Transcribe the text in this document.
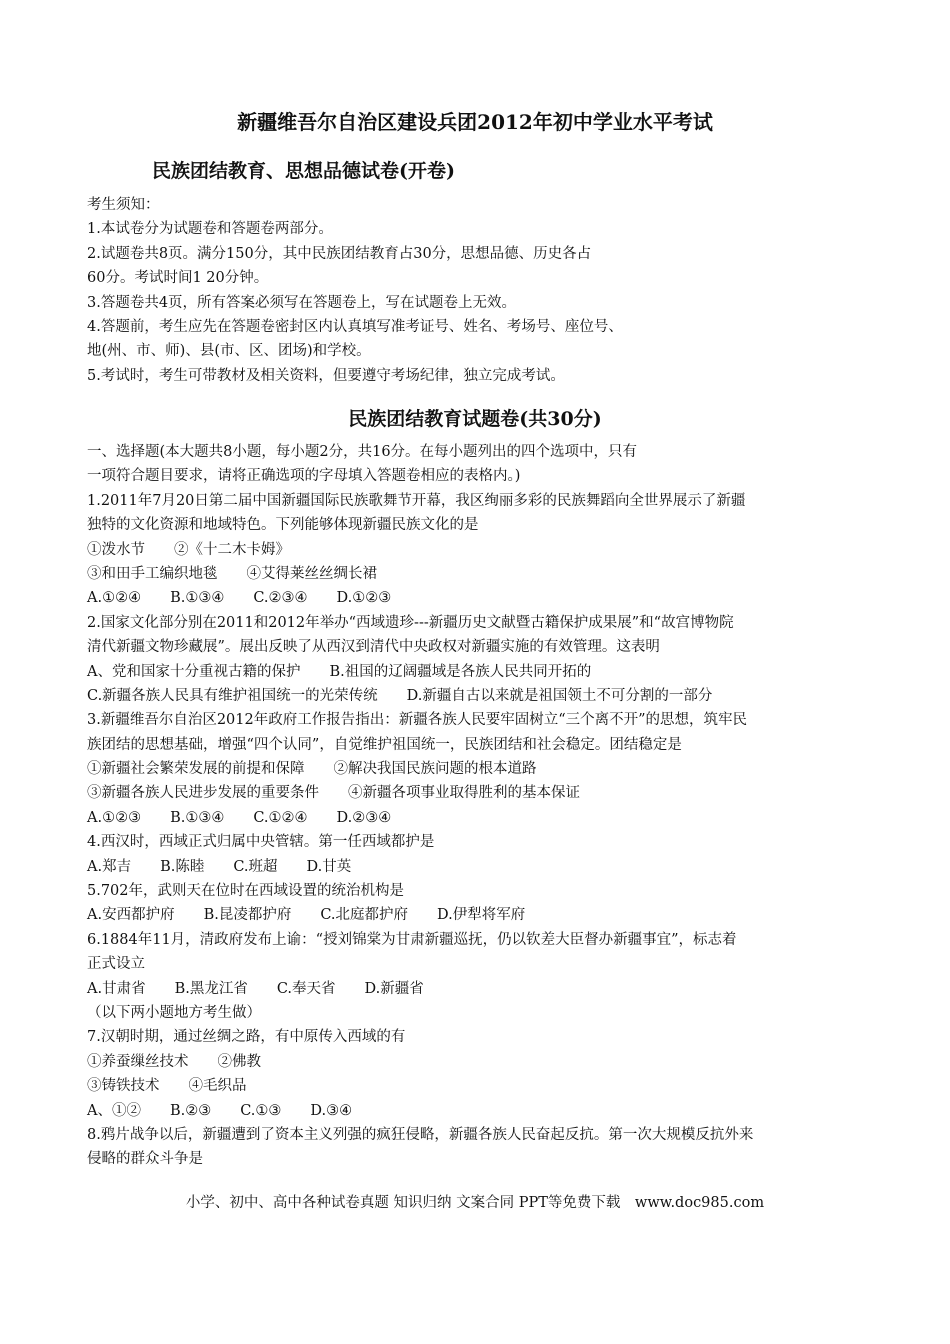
新疆维吾尔自治区建设兵团2012年初中学业水平考试
民族团结教育、思想品德试卷(开卷)
考生须知：
1.本试卷分为试题卷和答题卷两部分。
2.试题卷共8页。满分150分，其中民族团结教育占30分，思想品德、历史各占
60分。考试时间1 20分钟。
3.答题卷共4页，所有答案必须写在答题卷上，写在试题卷上无效。
4.答题前，考生应先在答题卷密封区内认真填写准考证号、姓名、考场号、座位号、
地(州、市、师)、县(市、区、团场)和学校。
5.考试时，考生可带教材及相关资料，但要遵守考场纪律，独立完成考试。
民族团结教育试题卷(共30分)
一、选择题(本大题共8小题，每小题2分，共16分。在每小题列出的四个选项中，只有
一项符合题目要求，请将正确选项的字母填入答题卷相应的表格内。)
1.2011年7月20日第二届中国新疆国际民族歌舞节开幕，我区绚丽多彩的民族舞蹈向全世界展示了新疆
独特的文化资源和地域特色。下列能够体现新疆民族文化的是
①泼水节　　②《十二木卡姆》
③和田手工编织地毯　　④艾得莱丝丝绸长裙
A.①②④　　B.①③④　　C.②③④　　D.①②③
2.国家文化部分别在2011和2012年举办“西域遗珍---新疆历史文献暨古籍保护成果展”和“故宫博物院
清代新疆文物珍藏展”。展出反映了从西汉到清代中央政权对新疆实施的有效管理。这表明
A、党和国家十分重视古籍的保护　　B.祖国的辽阔疆域是各族人民共同开拓的
C.新疆各族人民具有维护祖国统一的光荣传统　　D.新疆自古以来就是祖国领土不可分割的一部分
3.新疆维吾尔自治区2012年政府工作报告指出：新疆各族人民要牢固树立“三个离不开”的思想，筑牢民
族团结的思想基础，增强“四个认同”，自觉维护祖国统一，民族团结和社会稳定。团结稳定是
①新疆社会繁荣发展的前提和保障　　②解决我国民族问题的根本道路
③新疆各族人民进步发展的重要条件　　④新疆各项事业取得胜利的基本保证
A.①②③　　B.①③④　　C.①②④　　D.②③④
4.西汉时，西域正式归属中央管辖。第一任西域都护是
A.郑吉　　B.陈睦　　C.班超　　D.甘英
5.702年，武则天在位时在西域设置的统治机构是
A.安西都护府　　B.昆凌都护府　　C.北庭都护府　　D.伊犁将军府
6.1884年11月，清政府发布上谕：“授刘锦棠为甘肃新疆巡抚，仍以钦差大臣督办新疆事宜”，标志着
正式设立
A.甘肃省　　B.黑龙江省　　C.奉天省　　D.新疆省
（以下两小题地方考生做）
7.汉朝时期，通过丝绸之路，有中原传入西域的有
①养蚕缫丝技术　　②佛教
③铸铁技术　　④毛织品
A、①②　　B.②③　　C.①③　　D.③④
8.鸦片战争以后，新疆遭到了资本主义列强的疯狂侵略，新疆各族人民奋起反抗。第一次大规模反抗外来
侵略的群众斗争是
小学、初中、高中各种试卷真题 知识归纳 文案合同 PPT等免费下载　www.doc985.com
